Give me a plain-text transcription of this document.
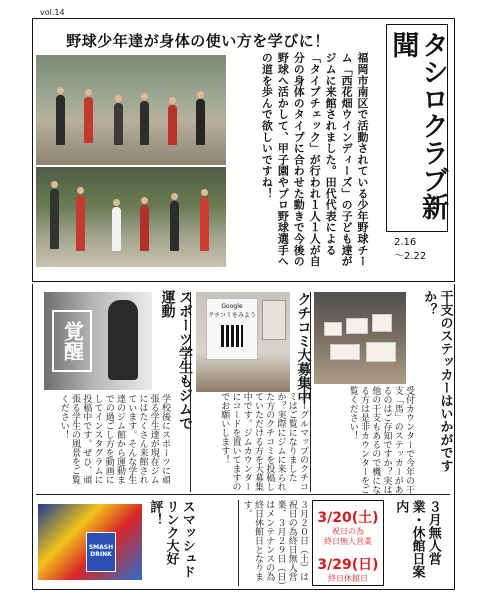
vol.14
野球少年達が身体の使い方を学びに！
福岡市南区で活動されている少年野球チーム「西花畑ウインディーズ」の子ども達がジムに来館されました。田代代表による「タイプチェック」が行われ１人１人が自分の身体のタイプに合わせた動きで今後の野球へ活かして、甲子園やプロ野球選手への道を歩んで欲しいですね！	タシロクラブ新聞
2.16
～2.22
覚醒	スポーツ学生もジムで運動
学校後にスポーツに頑張る学生達が現在ジムにはたくさん来館されています。そんな学生達のジム館から運動までの過ごし方を動画にしてインスタグラムに投稿中です。ぜひ、頑張る学生の風景をご覧ください！
Google
クチコミをみよう	クチコミ大募集中
グーグルマップのクチコミはご覧になりましたか？実際にジムに来られた方のクチコミを投稿していただける方を大募集中です。ジムカウンターにコードを置いてますのでお願いします！	干支のステッカーはいかがですか？
受付カウンターで今年の干支「馬」のステッカーがあるのはご存知ですか？実は他の干支もあるので機になる方は是非カウンターをご覧ください！
SMASH
DRINK	スマッシュドリンク大好評！	３月２０日（土）は祝日の為終日無人営業、３月２９日（日）はメンテナンスの為終日休館日となります。	3/20(土)
祝日の為
終日無人営業
3/29(日)
終日休館日
３月無人営業・休館日案内
